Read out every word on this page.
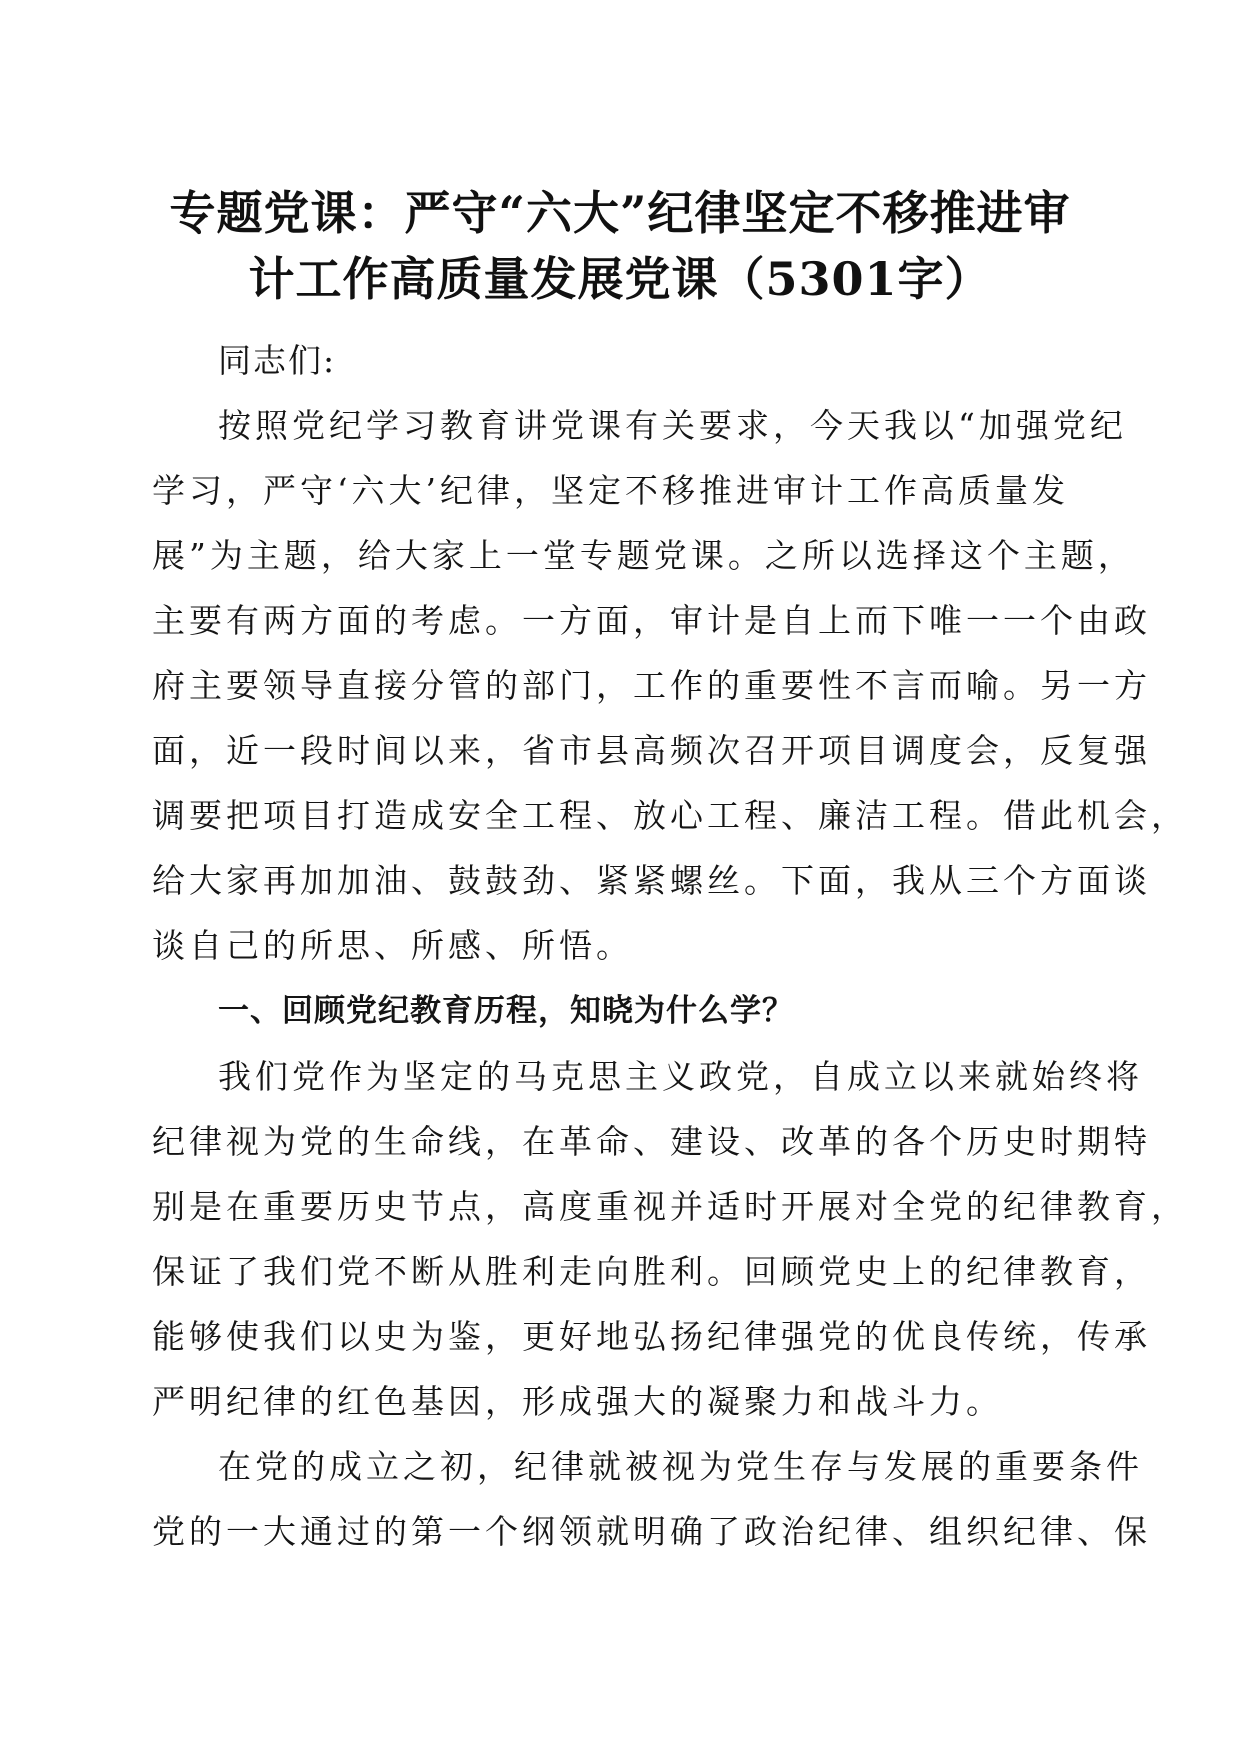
专题党课：严守“六大”纪律坚定不移推进审
计工作高质量发展党课（5301字）

同志们:

按照党纪学习教育讲党课有关要求，今天我以“加强党纪

学习，严守‘六大’纪律，坚定不移推进审计工作高质量发

展”为主题，给大家上一堂专题党课。之所以选择这个主题，

主要有两方面的考虑。一方面，审计是自上而下唯一一个由政

府主要领导直接分管的部门，工作的重要性不言而喻。另一方

面，近一段时间以来，省市县高频次召开项目调度会，反复强

调要把项目打造成安全工程、放心工程、廉洁工程。借此机会，

给大家再加加油、鼓鼓劲、紧紧螺丝。下面，我从三个方面谈

谈自己的所思、所感、所悟。

一、回顾党纪教育历程，知晓为什么学？

我们党作为坚定的马克思主义政党，自成立以来就始终将

纪律视为党的生命线，在革命、建设、改革的各个历史时期特

别是在重要历史节点，高度重视并适时开展对全党的纪律教育，

保证了我们党不断从胜利走向胜利。回顾党史上的纪律教育，

能够使我们以史为鉴，更好地弘扬纪律强党的优良传统，传承

严明纪律的红色基因，形成强大的凝聚力和战斗力。

在党的成立之初，纪律就被视为党生存与发展的重要条件

党的一大通过的第一个纲领就明确了政治纪律、组织纪律、保
